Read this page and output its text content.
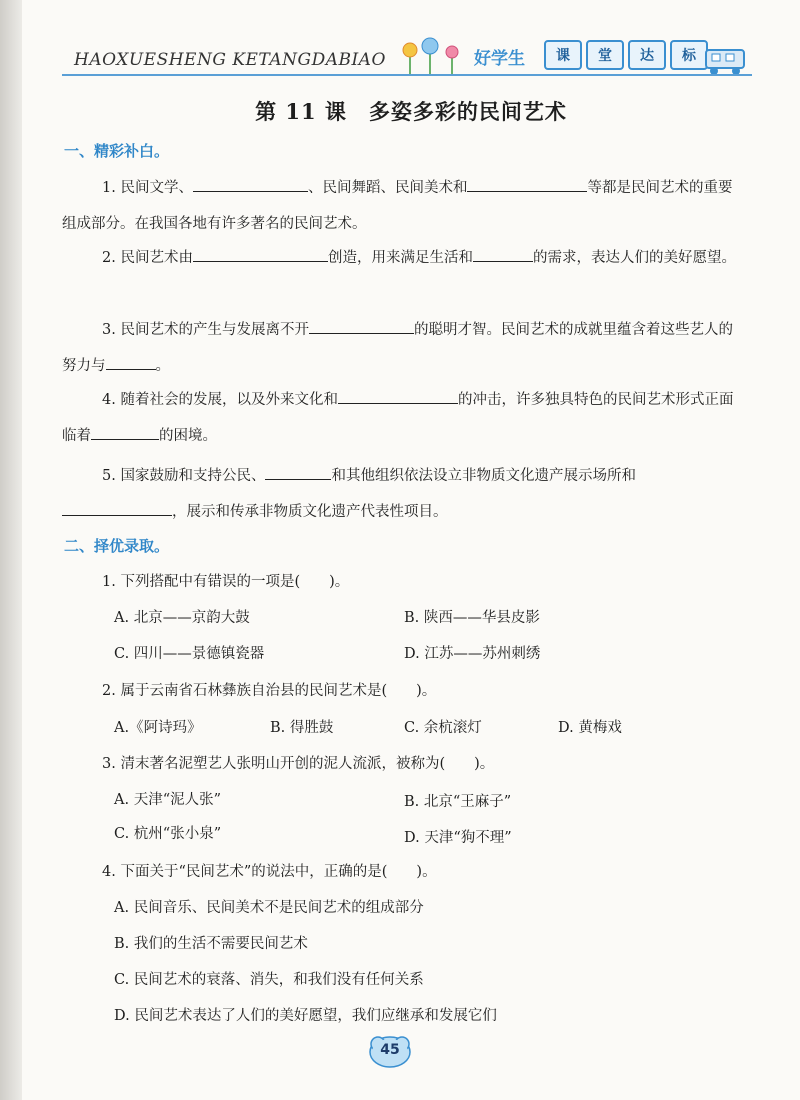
HAOXUESHENG KETANGDABIAO	好学生	课	堂	达	标
第 11 课　多姿多彩的民间艺术
一、精彩补白。
1. 民间文学、	、民间舞蹈、民间美术和	等都是民间艺术的重要组成部分。在我国各地有许多著名的民间艺术。
2. 民间艺术由	创造，用来满足生活和	的需求，表达人们的美好愿望。
3. 民间艺术的产生与发展离不开	的聪明才智。民间艺术的成就里蕴含着这些艺人的努力与	。
4. 随着社会的发展，以及外来文化和	的冲击，许多独具特色的民间艺术形式正面临着	的困境。
5. 国家鼓励和支持公民、	和其他组织依法设立非物质文化遗产展示场所和，展示和传承非物质文化遗产代表性项目。
二、择优录取。
1. 下列搭配中有错误的一项是(　　)。
A. 北京——京韵大鼓	B. 陕西——华县皮影
C. 四川——景德镇瓷器	D. 江苏——苏州刺绣
2. 属于云南省石林彝族自治县的民间艺术是(　　)。
A.《阿诗玛》	B. 得胜鼓	C. 余杭滚灯	D. 黄梅戏
3. 清末著名泥塑艺人张明山开创的泥人流派，被称为(　　)。
A. 天津“泥人张”	B. 北京“王麻子”
C. 杭州“张小泉”	D. 天津“狗不理”
4. 下面关于“民间艺术”的说法中，正确的是(　　)。
A. 民间音乐、民间美术不是民间艺术的组成部分
B. 我们的生活不需要民间艺术
C. 民间艺术的衰落、消失，和我们没有任何关系
D. 民间艺术表达了人们的美好愿望，我们应继承和发展它们
45
